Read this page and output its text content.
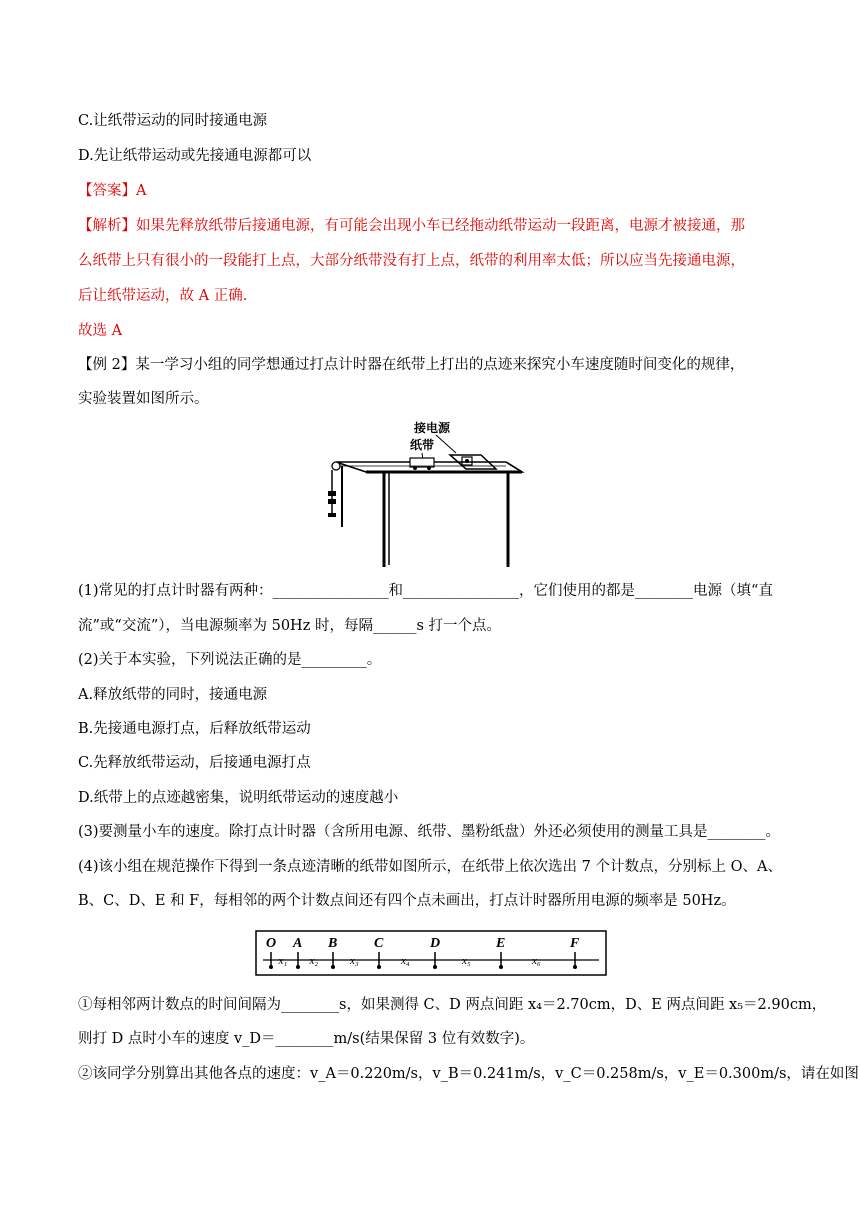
C.让纸带运动的同时接通电源
D.先让纸带运动或先接通电源都可以
【答案】A
【解析】如果先释放纸带后接通电源，有可能会出现小车已经拖动纸带运动一段距离，电源才被接通，那
么纸带上只有很小的一段能打上点，大部分纸带没有打上点，纸带的利用率太低；所以应当先接通电源，
后让纸带运动，故 A 正确.
故选 A
【例 2】某一学习小组的同学想通过打点计时器在纸带上打出的点迹来探究小车速度随时间变化的规律，
实验装置如图所示。
接电源
纸带
(1)常见的打点计时器有两种：________________和________________，它们使用的都是________电源（填“直
流”或“交流”），当电源频率为 50Hz 时，每隔______s 打一个点。
(2)关于本实验，下列说法正确的是_________。
A.释放纸带的同时，接通电源
B.先接通电源打点，后释放纸带运动
C.先释放纸带运动，后接通电源打点
D.纸带上的点迹越密集，说明纸带运动的速度越小
(3)要测量小车的速度。除打点计时器（含所用电源、纸带、墨粉纸盘）外还必须使用的测量工具是________。
(4)该小组在规范操作下得到一条点迹清晰的纸带如图所示，在纸带上依次选出 7 个计数点，分别标上 O、A、
B、C、D、E 和 F，每相邻的两个计数点间还有四个点未画出，打点计时器所用电源的频率是 50Hz。
O A B	C	D	E	F
x₁ x₂	x₃	x₄	x₅	x₆
①每相邻两计数点的时间间隔为________s，如果测得 C、D 两点间距 x₄＝2.70cm，D、E 两点间距 x₅＝2.90cm，
则打 D 点时小车的速度 v_D＝________m/s(结果保留 3 位有效数字)。
②该同学分别算出其他各点的速度：v_A＝0.220m/s，v_B＝0.241m/s，v_C＝0.258m/s，v_E＝0.300m/s，请在如图
